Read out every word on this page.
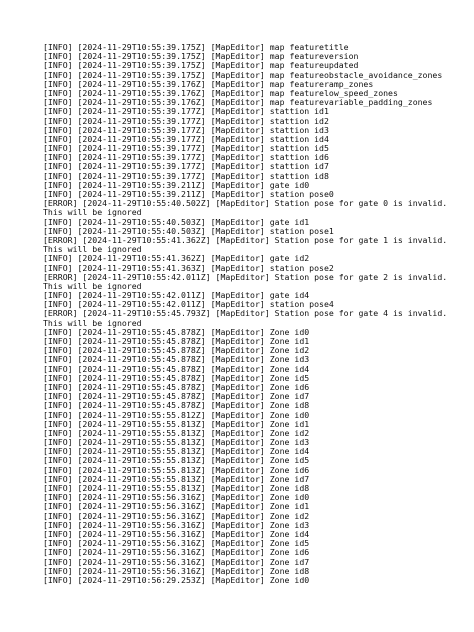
[INFO] [2024-11-29T10:55:39.175Z] [MapEditor] map featuretitle
[INFO] [2024-11-29T10:55:39.175Z] [MapEditor] map featureversion
[INFO] [2024-11-29T10:55:39.175Z] [MapEditor] map featureupdated
[INFO] [2024-11-29T10:55:39.175Z] [MapEditor] map featureobstacle_avoidance_zones
[INFO] [2024-11-29T10:55:39.176Z] [MapEditor] map featureramp_zones
[INFO] [2024-11-29T10:55:39.176Z] [MapEditor] map featurelow_speed_zones
[INFO] [2024-11-29T10:55:39.176Z] [MapEditor] map featurevariable_padding_zones
[INFO] [2024-11-29T10:55:39.177Z] [MapEditor] stattion id1
[INFO] [2024-11-29T10:55:39.177Z] [MapEditor] stattion id2
[INFO] [2024-11-29T10:55:39.177Z] [MapEditor] stattion id3
[INFO] [2024-11-29T10:55:39.177Z] [MapEditor] stattion id4
[INFO] [2024-11-29T10:55:39.177Z] [MapEditor] stattion id5
[INFO] [2024-11-29T10:55:39.177Z] [MapEditor] stattion id6
[INFO] [2024-11-29T10:55:39.177Z] [MapEditor] stattion id7
[INFO] [2024-11-29T10:55:39.177Z] [MapEditor] stattion id8
[INFO] [2024-11-29T10:55:39.211Z] [MapEditor] gate id0
[INFO] [2024-11-29T10:55:39.211Z] [MapEditor] station pose0
[ERROR] [2024-11-29T10:55:40.502Z] [MapEditor] Station pose for gate 0 is invalid.
This will be ignored
[INFO] [2024-11-29T10:55:40.503Z] [MapEditor] gate id1
[INFO] [2024-11-29T10:55:40.503Z] [MapEditor] station pose1
[ERROR] [2024-11-29T10:55:41.362Z] [MapEditor] Station pose for gate 1 is invalid.
This will be ignored
[INFO] [2024-11-29T10:55:41.362Z] [MapEditor] gate id2
[INFO] [2024-11-29T10:55:41.363Z] [MapEditor] station pose2
[ERROR] [2024-11-29T10:55:42.011Z] [MapEditor] Station pose for gate 2 is invalid.
This will be ignored
[INFO] [2024-11-29T10:55:42.011Z] [MapEditor] gate id4
[INFO] [2024-11-29T10:55:42.011Z] [MapEditor] station pose4
[ERROR] [2024-11-29T10:55:45.793Z] [MapEditor] Station pose for gate 4 is invalid.
This will be ignored
[INFO] [2024-11-29T10:55:45.878Z] [MapEditor] Zone id0
[INFO] [2024-11-29T10:55:45.878Z] [MapEditor] Zone id1
[INFO] [2024-11-29T10:55:45.878Z] [MapEditor] Zone id2
[INFO] [2024-11-29T10:55:45.878Z] [MapEditor] Zone id3
[INFO] [2024-11-29T10:55:45.878Z] [MapEditor] Zone id4
[INFO] [2024-11-29T10:55:45.878Z] [MapEditor] Zone id5
[INFO] [2024-11-29T10:55:45.878Z] [MapEditor] Zone id6
[INFO] [2024-11-29T10:55:45.878Z] [MapEditor] Zone id7
[INFO] [2024-11-29T10:55:45.878Z] [MapEditor] Zone id8
[INFO] [2024-11-29T10:55:55.812Z] [MapEditor] Zone id0
[INFO] [2024-11-29T10:55:55.813Z] [MapEditor] Zone id1
[INFO] [2024-11-29T10:55:55.813Z] [MapEditor] Zone id2
[INFO] [2024-11-29T10:55:55.813Z] [MapEditor] Zone id3
[INFO] [2024-11-29T10:55:55.813Z] [MapEditor] Zone id4
[INFO] [2024-11-29T10:55:55.813Z] [MapEditor] Zone id5
[INFO] [2024-11-29T10:55:55.813Z] [MapEditor] Zone id6
[INFO] [2024-11-29T10:55:55.813Z] [MapEditor] Zone id7
[INFO] [2024-11-29T10:55:55.813Z] [MapEditor] Zone id8
[INFO] [2024-11-29T10:55:56.316Z] [MapEditor] Zone id0
[INFO] [2024-11-29T10:55:56.316Z] [MapEditor] Zone id1
[INFO] [2024-11-29T10:55:56.316Z] [MapEditor] Zone id2
[INFO] [2024-11-29T10:55:56.316Z] [MapEditor] Zone id3
[INFO] [2024-11-29T10:55:56.316Z] [MapEditor] Zone id4
[INFO] [2024-11-29T10:55:56.316Z] [MapEditor] Zone id5
[INFO] [2024-11-29T10:55:56.316Z] [MapEditor] Zone id6
[INFO] [2024-11-29T10:55:56.316Z] [MapEditor] Zone id7
[INFO] [2024-11-29T10:55:56.316Z] [MapEditor] Zone id8
[INFO] [2024-11-29T10:56:29.253Z] [MapEditor] Zone id0
